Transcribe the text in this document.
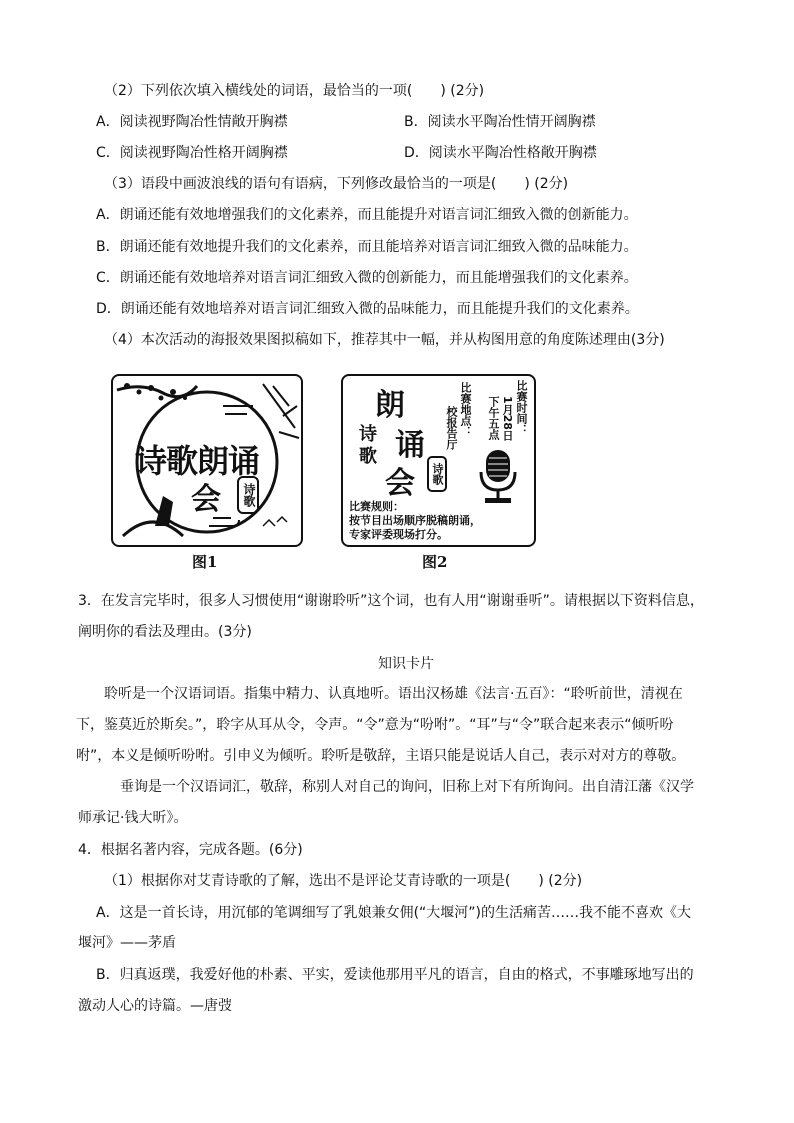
（2）下列依次填入横线处的词语，最恰当的一项(　　) (2分)
A．阅读视野陶冶性情敞开胸襟	B．阅读水平陶冶性情开阔胸襟
C．阅读视野陶冶性格开阔胸襟	D．阅读水平陶冶性格敞开胸襟
（3）语段中画波浪线的语句有语病，下列修改最恰当的一项是(　　) (2分)
A．朗诵还能有效地增强我们的文化素养，而且能提升对语言词汇细致入微的创新能力。
B．朗诵还能有效地提升我们的文化素养，而且能培养对语言词汇细致入微的品味能力。
C．朗诵还能有效地培养对语言词汇细致入微的创新能力，而且能增强我们的文化素养。
D．朗诵还能有效地培养对语言词汇细致入微的品味能力，而且能提升我们的文化素养。
（4）本次活动的海报效果图拟稿如下，推荐其中一幅，并从构图用意的角度陈述理由(3分)
诗歌朗诵
会	诗歌
图1
朗
诵
会
诗
歌
诗歌
比赛地点：
校报告厅	比赛时间：
1月28日
下午五点
比赛规则：
按节目出场顺序脱稿朗诵，
专家评委现场打分。
图2
3．在发言完毕时，很多人习惯使用“谢谢聆听”这个词，也有人用“谢谢垂听”。请根据以下资料信息，
阐明你的看法及理由。(3分)
知识卡片
聆听是一个汉语词语。指集中精力、认真地听。语出汉杨雄《法言·五百》：“聆听前世，清视在
下，鉴莫近於斯矣。”，聆字从耳从令，令声。“令”意为“吩咐”。“耳”与“令”联合起来表示“倾听吩
咐”，本义是倾听吩咐。引申义为倾听。聆听是敬辞，主语只能是说话人自己，表示对对方的尊敬。
垂询是一个汉语词汇，敬辞，称别人对自己的询问，旧称上对下有所询问。出自清江藩《汉学
师承记·钱大昕》。
4．根据名著内容，完成各题。(6分)
（1）根据你对艾青诗歌的了解，选出不是评论艾青诗歌的一项是(　　) (2分)
A．这是一首长诗，用沉郁的笔调细写了乳娘兼女佣(“大堰河”)的生活痛苦……我不能不喜欢《大
堰河》——茅盾
B．归真返璞，我爱好他的朴素、平实，爱读他那用平凡的语言，自由的格式，不事雕琢地写出的
激动人心的诗篇。—唐弢
